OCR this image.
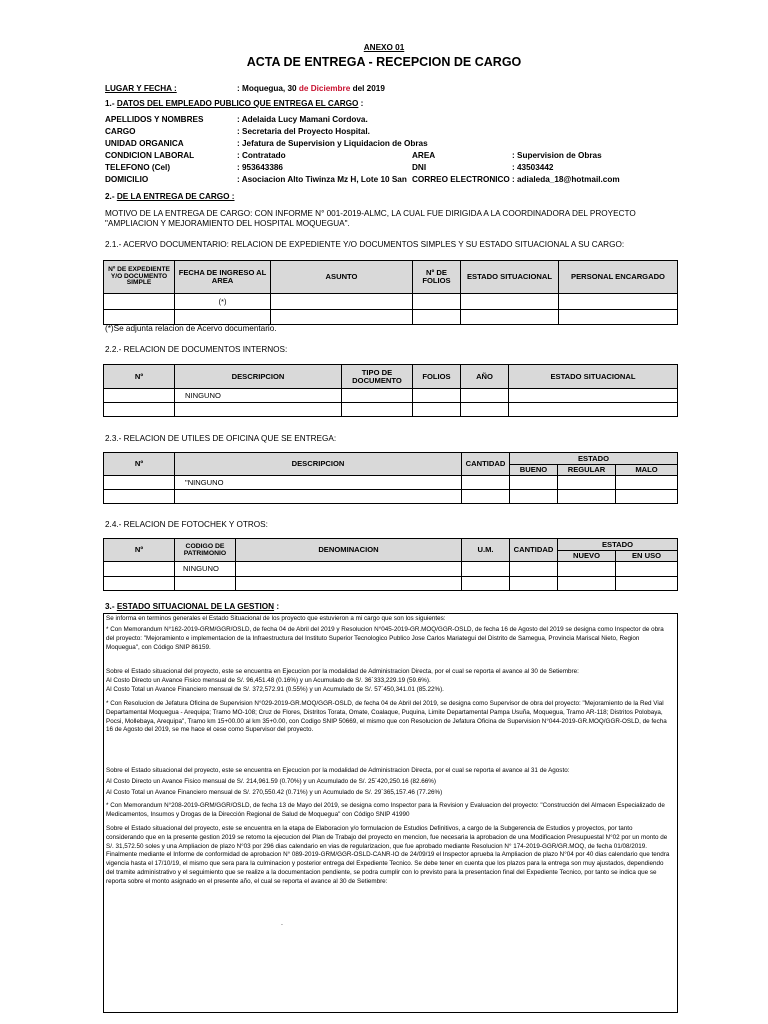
ANEXO 01
ACTA DE ENTREGA - RECEPCION DE CARGO
LUGAR Y FECHA :	: Moquegua, 30 de Diciembre del 2019
1.- DATOS DEL EMPLEADO PUBLICO QUE ENTREGA EL CARGO :
APELLIDOS Y NOMBRES	: Adelaida Lucy Mamani Cordova.
CARGO	: Secretaria del Proyecto Hospital.
UNIDAD ORGANICA	: Jefatura de Supervision y Liquidacion de Obras
CONDICION LABORAL	: Contratado	AREA	: Supervision de Obras
TELEFONO (Cel)	: 953643386	DNI	: 43503442
DOMICILIO	: Asociacion Alto Tiwinza Mz H, Lote 10 San CORREO ELECTRONICO : adialeda_18@hotmail.com
2.- DE LA ENTREGA DE CARGO :
MOTIVO DE LA ENTREGA DE CARGO: CON INFORME N° 001-2019-ALMC, LA CUAL FUE DIRIGIDA A LA COORDINADORA DEL PROYECTO "AMPLIACION Y MEJORAMIENTO DEL HOSPITAL MOQUEGUA".
2.1.- ACERVO DOCUMENTARIO: RELACION DE EXPEDIENTE Y/O DOCUMENTOS SIMPLES Y SU ESTADO SITUACIONAL A SU CARGO:
Nº DE EXPEDIENTE Y/O DOCUMENTO SIMPLE	FECHA DE INGRESO AL AREA	ASUNTO	Nº DE FOLIOS	ESTADO SITUACIONAL	PERSONAL ENCARGADO
	(*)				

(*)Se adjunta relacion de Acervo documentario.
2.2.- RELACION DE DOCUMENTOS INTERNOS:
Nº	DESCRIPCION	TIPO DE DOCUMENTO	FOLIOS	AÑO	ESTADO SITUACIONAL
	NINGUNO				

2.3.- RELACION DE UTILES DE OFICINA QUE SE ENTREGA:
Nº	DESCRIPCION	CANTIDAD	ESTADO		
			BUENO	REGULAR	MALO
	"NINGUNO				

2.4.- RELACION DE FOTOCHEK Y OTROS:
Nº	CODIGO DE PATRIMONIO	DENOMINACION	U.M.	CANTIDAD	ESTADO	
					NUEVO	EN USO
	NINGUNO					

3.- ESTADO SITUACIONAL DE LA GESTION :

Se informa en terminos generales el Estado Situacional de los proyecto que estuvieron a mi cargo que son los siguientes:

* Con Memorandum N°162-2019-GRM/GGR/OSLD, de fecha 04 de Abril del 2019 y Resolucion N°045-2019-GR.MOQ/GGR-OSLD, de fecha 16 de Agosto del 2019 se designa como Inspector de obra del proyecto: "Mejoramiento e implementacion de la Infraestructura del Instituto Superior Tecnologico Publico Jose Carlos Mariategui del Distrito de Samegua, Provincia Mariscal Nieto, Region Moquegua", con Código SNIP 86159.

Sobre el Estado situacional del proyecto, este se encuentra en Ejecucion por la modalidad de Administracion Directa, por el cual se reporta el avance al 30 de Setiembre:

Al Costo Directo un Avance Fisico mensual de S/. 96,451.48 (0.16%) y un Acumulado de S/. 36´333,229.19 (59.6%).

Al Costo Total un Avance Financiero mensual de S/. 372,572.91 (0.55%) y un Acumulado de S/. 57´450,341.01 (85.22%).

* Con Resolucion de Jefatura Oficina de Supervision N°029-2019-GR.MOQ/GGR-OSLD, de fecha 04 de Abril del 2019, se designa como Supervisor de obra del proyecto: "Mejoramiento de la Red Vial Departamental Moquegua - Arequipa; Tramo MO-108; Cruz de Flores, Distritos Torata, Omate, Coalaque, Puquina, Limite Departamental Pampa Usuña, Moquegua, Tramo AR-118; Distritos Polobaya, Pocsi, Mollebaya, Arequipa", Tramo km 15+00.00 al km 35+0.00, con Codigo SNIP 50669, el mismo que con Resolucion de Jefatura Oficina de Supervision N°044-2019-GR.MOQ/GGR-OSLD, de fecha 16 de Agosto del 2019, se me hace el cese como Supervisor del proyecto.

Sobre el Estado situacional del proyecto, este se encuentra en Ejecucion por la modalidad de Administracion Directa, por el cual se reporta el avance al 31 de Agosto:

Al Costo Directo un Avance Fisico mensual de S/. 214,961.59 (0.70%) y un Acumulado de S/. 25´420,250.16 (82.66%)

Al Costo Total un Avance Financiero mensual de S/. 270,550.42 (0.71%) y un Acumulado de S/. 29´365,157.46 (77.26%)

* Con Memorandum N°208-2019-GRM/GGR/OSLD, de fecha 13 de Mayo del 2019, se designa como Inspector para la Revision y Evaluacion del proyecto: "Construcción del Almacen Especializado de Medicamentos, Insumos y Drogas de la Dirección Regional de Salud de Moquegua" con Código SNIP 41990

Sobre el Estado situacional del proyecto, este se encuentra en la etapa de Elaboracion y/o formulacion de Estudios Definitivos, a cargo de la Subgerencia de Estudios y proyectos, por tanto considerando que en la presente gestion 2019 se retomo la ejecucion del Plan de Trabajo del proyecto en mencion, fue necesaria la aprobacion de una Modificacion Presupuestal N°02 por un monto de S/. 31,572.50 soles y una Ampliacion de plazo N°03 por 296 dias calendario en vias de regularizacion, que fue aprobado mediante Resolucion N° 174-2019-GGR/GR.MOQ, de fecha 01/08/2019. Finalmente mediante el Informe de conformidad de aprobacion N° 089-2019-GRM/GGR-OSLD-CANR-IO de 24/09/19 el Inspector aprueba la Ampliacion de plazo N°04 por 40 dias calendario que tendra vigencia hasta el 17/10/19, el mismo que sera para la culminacion y posterior entrega del Expediente Tecnico. Se debe tener en cuenta que los plazos para la entrega son muy ajustados, dependiendo del tramite administrativo y el seguimiento que se realize a la documentacion pendiente, se podra cumplir con lo previsto para la presentacion final del Expediente Tecnico, por tanto se indica que se reporta sobre el monto asignado en el presente año, el cual se reporta el avance al 30 de Setiembre:

.
